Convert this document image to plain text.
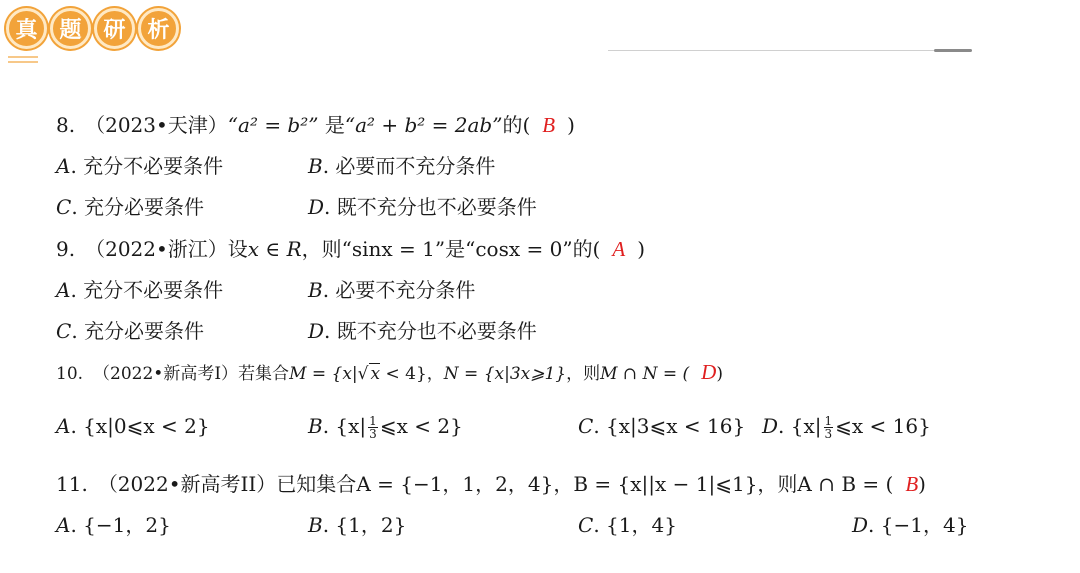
真 题 研 析
8. （2023•天津）“a² = b²” 是“a² + b² = 2ab”的( B )
A. 充分不必要条件	B. 必要而不充分条件
C. 充分必要条件	D. 既不充分也不必要条件
9. （2022•浙江）设x ∈ R，则“sinx = 1”是“cosx = 0”的( A )
A. 充分不必要条件	B. 必要不充分条件
C. 充分必要条件	D. 既不充分也不必要条件
10. （2022•新高考I）若集合M = {x|√ x < 4}，N = {x|3x⩾1}，则M ∩ N = ( D)
A. {x|0⩽x < 2}	B. {$x| \frac{1}{3}$ ⩽x < 2}	C. {x|3⩽x < 16} D. {$x| \frac{1}{3}$ ⩽x < 16}
11. （2022•新高考II）已知集合A = {−1，1，2，4}，B = {x||x − 1|⩽1}，则A ∩ B = ( B)
A. {−1，2}	B. {1，2}	C. {1，4}	D. {−1，4}
